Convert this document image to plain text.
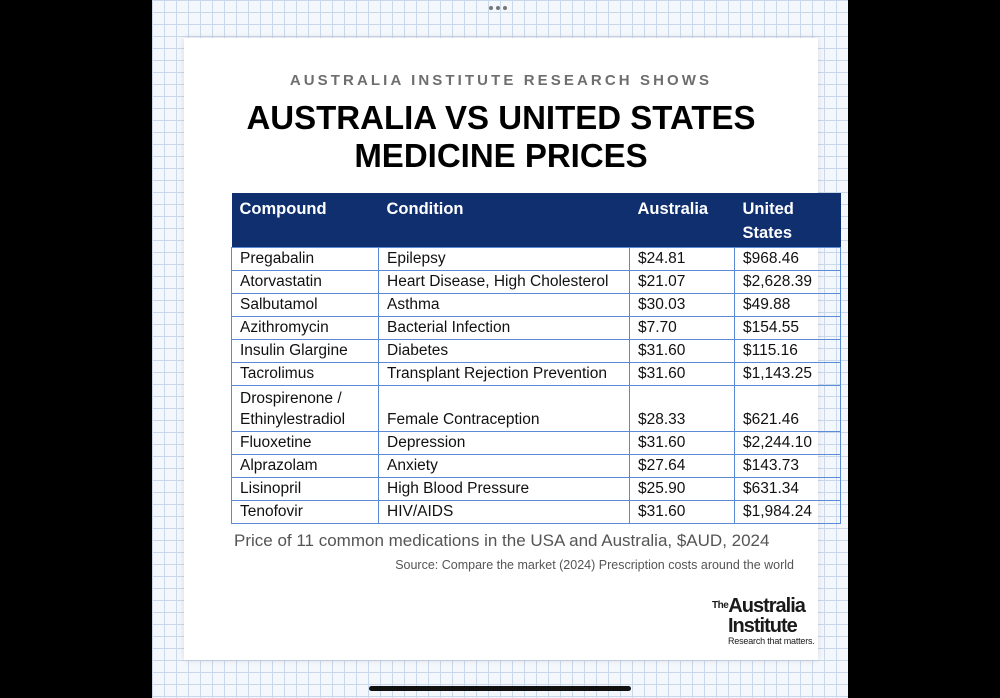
AUSTRALIA INSTITUTE RESEARCH SHOWS
AUSTRALIA VS UNITED STATES
MEDICINE PRICES
Compound	Condition	Australia	United States
Pregabalin	Epilepsy	$24.81	$968.46
Atorvastatin	Heart Disease, High Cholesterol	$21.07	$2,628.39
Salbutamol	Asthma	$30.03	$49.88
Azithromycin	Bacterial Infection	$7.70	$154.55
Insulin Glargine	Diabetes	$31.60	$115.16
Tacrolimus	Transplant Rejection Prevention	$31.60	$1,143.25
Drospirenone /
Ethinylestradiol	Female Contraception	$28.33	$621.46
Fluoxetine	Depression	$31.60	$2,244.10
Alprazolam	Anxiety	$27.64	$143.73
Lisinopril	High Blood Pressure	$25.90	$631.34
Tenofovir	HIV/AIDS	$31.60	$1,984.24
Price of 11 common medications in the USA and Australia, $AUD, 2024
Source: Compare the market (2024) Prescription costs around the world
$^{The}$Australia
Institute
Research that matters.
